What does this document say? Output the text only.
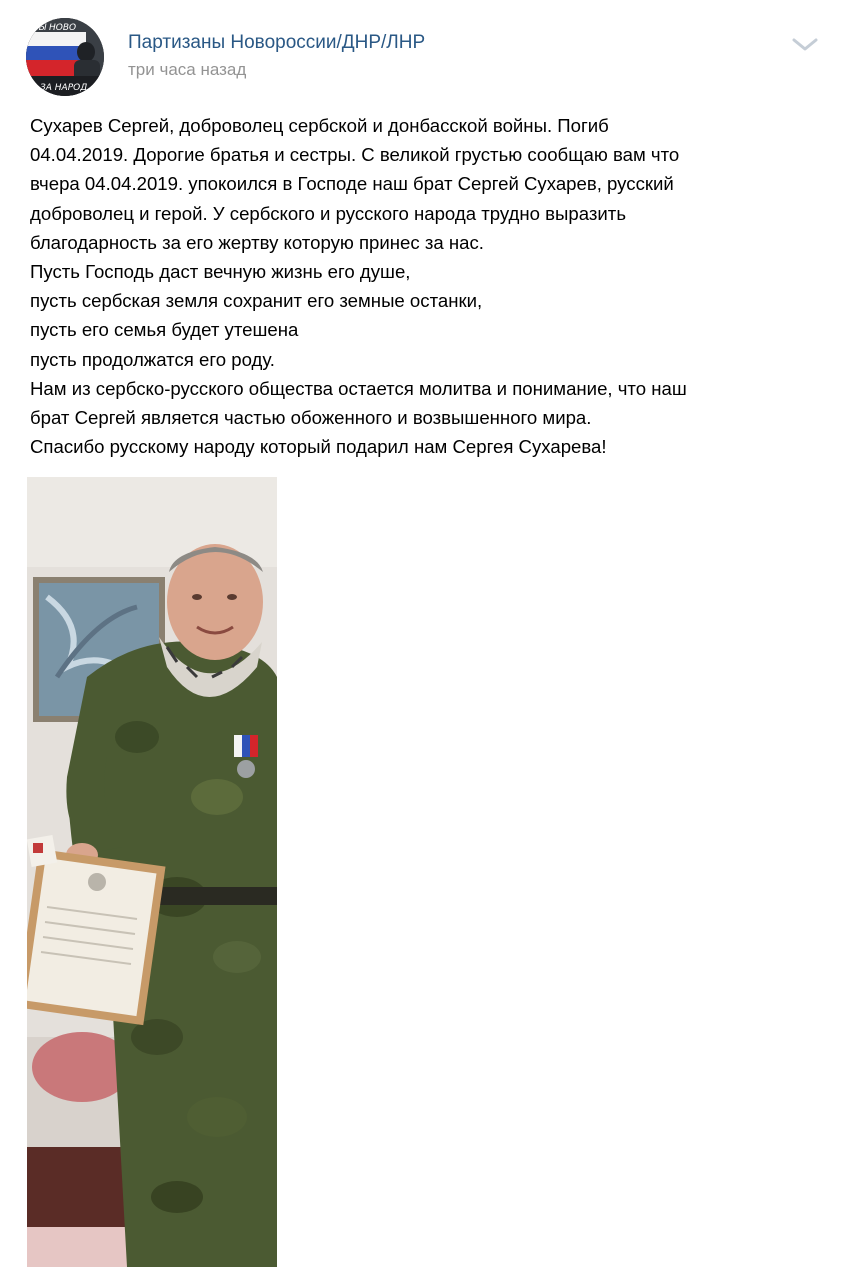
НЫ НОВО
ЗА НАРОД
Партизаны Новороссии/ДНР/ЛНР
три часа назад
Сухарев Сергей, доброволец сербской и донбасской войны. Погиб
04.04.2019. Дорогие братья и сестры. С великой грустью сообщаю вам что
вчера 04.04.2019. упокоился в Господе наш брат Сергей Сухарев, русский
доброволец и герой. У сербского и русского народа трудно выразить
благодарность за его жертву которую принес за нас.
Пусть Господь даст вечную жизнь его душе,
пусть сербская земля сохранит его земные останки,
пусть его семья будет утешена
пусть продолжатся его роду.
Нам из сербско-русского общества остается молитва и понимание, что наш
брат Сергей является частью обоженного и возвышенного мира.
Спасибо русскому народу который подарил нам Сергея Сухарева!
